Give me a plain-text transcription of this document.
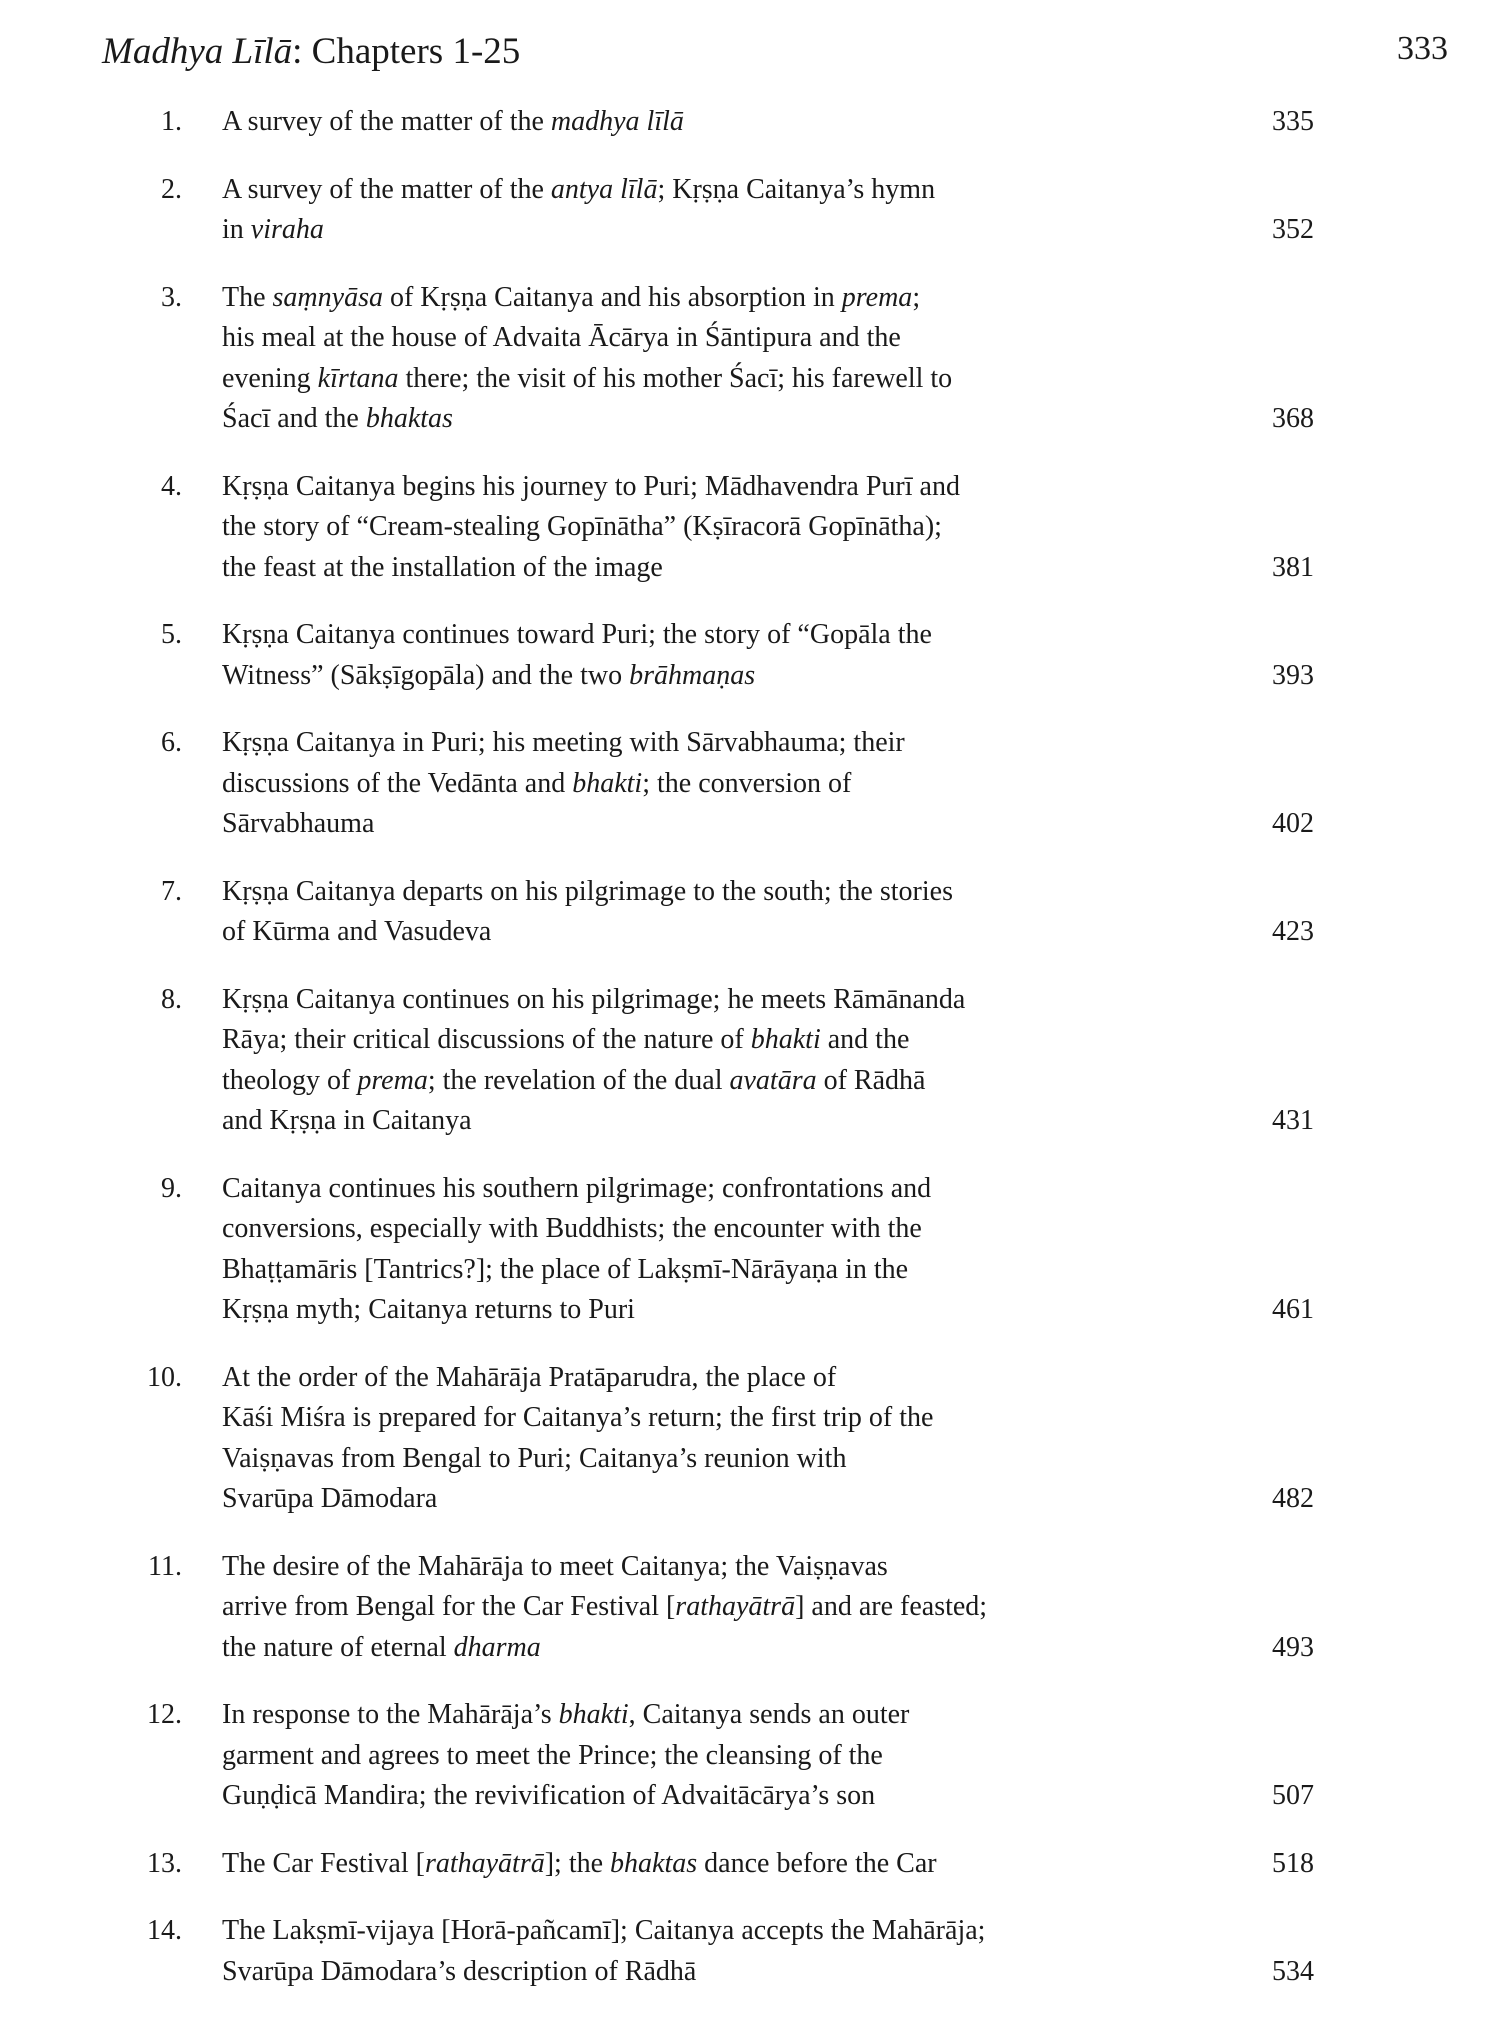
Madhya Līlā: Chapters 1-25	333
1. A survey of the matter of the madhya līlā	335
2. A survey of the matter of the antya līlā; Kṛṣṇa Caitanya’s hymn
in viraha	352
3. The saṃnyāsa of Kṛṣṇa Caitanya and his absorption in prema;
his meal at the house of Advaita Ācārya in Śāntipura and the
evening kīrtana there; the visit of his mother Śacī; his farewell to
Śacī and the bhaktas	368
4. Kṛṣṇa Caitanya begins his journey to Puri; Mādhavendra Purī and
the story of “Cream-stealing Gopīnātha” (Kṣīracorā Gopīnātha);
the feast at the installation of the image	381
5. Kṛṣṇa Caitanya continues toward Puri; the story of “Gopāla the
Witness” (Sākṣīgopāla) and the two brāhmaṇas	393
6. Kṛṣṇa Caitanya in Puri; his meeting with Sārvabhauma; their
discussions of the Vedānta and bhakti; the conversion of
Sārvabhauma	402
7. Kṛṣṇa Caitanya departs on his pilgrimage to the south; the stories
of Kūrma and Vasudeva	423
8. Kṛṣṇa Caitanya continues on his pilgrimage; he meets Rāmānanda
Rāya; their critical discussions of the nature of bhakti and the
theology of prema; the revelation of the dual avatāra of Rādhā
and Kṛṣṇa in Caitanya	431
9. Caitanya continues his southern pilgrimage; confrontations and
conversions, especially with Buddhists; the encounter with the
Bhaṭṭamāris [Tantrics?]; the place of Lakṣmī-Nārāyaṇa in the
Kṛṣṇa myth; Caitanya returns to Puri	461
10. At the order of the Mahārāja Pratāparudra, the place of
Kāśi Miśra is prepared for Caitanya’s return; the first trip of the
Vaiṣṇavas from Bengal to Puri; Caitanya’s reunion with
Svarūpa Dāmodara	482
11. The desire of the Mahārāja to meet Caitanya; the Vaiṣṇavas
arrive from Bengal for the Car Festival [rathayātrā] and are feasted;
the nature of eternal dharma	493
12. In response to the Mahārāja’s bhakti, Caitanya sends an outer
garment and agrees to meet the Prince; the cleansing of the
Guṇḍicā Mandira; the revivification of Advaitācārya’s son	507
13. The Car Festival [rathayātrā]; the bhaktas dance before the Car	518
14. The Lakṣmī-vijaya [Horā-pañcamī]; Caitanya accepts the Mahārāja;
Svarūpa Dāmodara’s description of Rādhā	534
